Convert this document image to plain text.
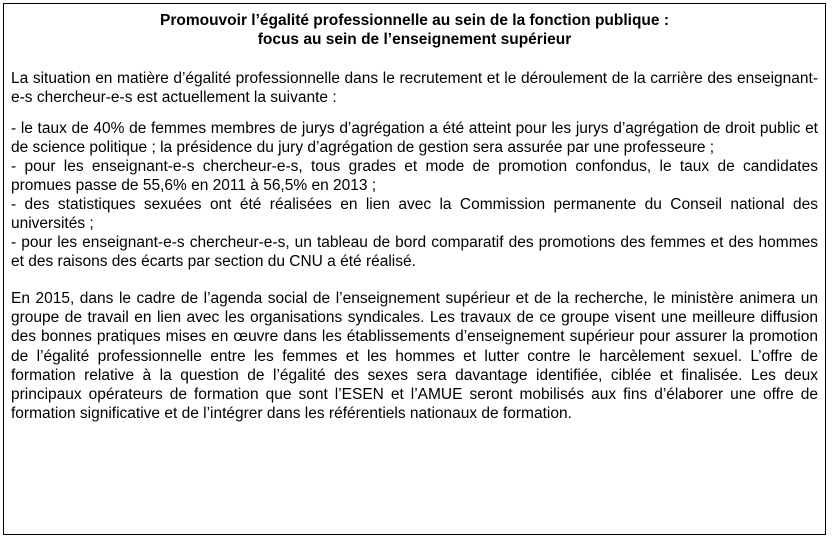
Promouvoir l’égalité professionnelle au sein de la fonction publique :
focus au sein de l’enseignement supérieur

La situation en matière d’égalité professionnelle dans le recrutement et le déroulement de la carrière des enseignant-e-s chercheur-e-s est actuellement la suivante :

- le taux de 40% de femmes membres de jurys d’agrégation a été atteint pour les jurys d’agrégation de droit public et de science politique ; la présidence du jury d’agrégation de gestion sera assurée par une professeure ;
- pour les enseignant-e-s chercheur-e-s, tous grades et mode de promotion confondus, le taux de candidates promues passe de 55,6% en 2011 à 56,5% en 2013 ;
- des statistiques sexuées ont été réalisées en lien avec la Commission permanente du Conseil national des universités ;
- pour les enseignant-e-s chercheur-e-s, un tableau de bord comparatif des promotions des femmes et des hommes et des raisons des écarts par section du CNU a été réalisé.

En 2015, dans le cadre de l’agenda social de l’enseignement supérieur et de la recherche, le ministère animera un groupe de travail en lien avec les organisations syndicales. Les travaux de ce groupe visent une meilleure diffusion des bonnes pratiques mises en œuvre dans les établissements d’enseignement supérieur pour assurer la promotion de l’égalité professionnelle entre les femmes et les hommes et lutter contre le harcèlement sexuel. L’offre de formation relative à la question de l’égalité des sexes sera davantage identifiée, ciblée et finalisée. Les deux principaux opérateurs de formation que sont l’ESEN et l’AMUE seront mobilisés aux fins d’élaborer une offre de formation significative et de l’intégrer dans les référentiels nationaux de formation.
